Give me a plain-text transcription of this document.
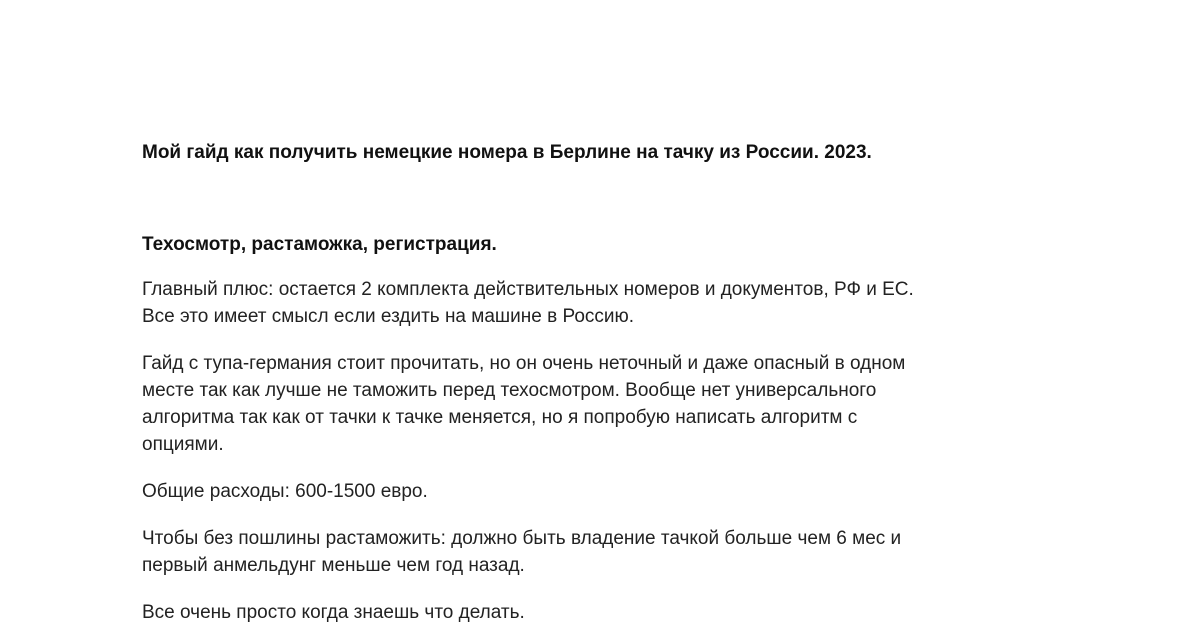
Мой гайд как получить немецкие номера в Берлине на тачку из России. 2023.

Техосмотр, растаможка, регистрация.

Главный плюс: остается 2 комплекта действительных номеров и документов, РФ и ЕС.
Все это имеет смысл если ездить на машине в Россию.

Гайд с тупа-германия стоит прочитать, но он очень неточный и даже опасный в одном
месте так как лучше не таможить перед техосмотром. Вообще нет универсального
алгоритма так как от тачки к тачке меняется, но я попробую написать алгоритм с
опциями.

Общие расходы: 600-1500 евро.

Чтобы без пошлины растаможить: должно быть владение тачкой больше чем 6 мес и
первый анмельдунг меньше чем год назад.

Все очень просто когда знаешь что делать.
